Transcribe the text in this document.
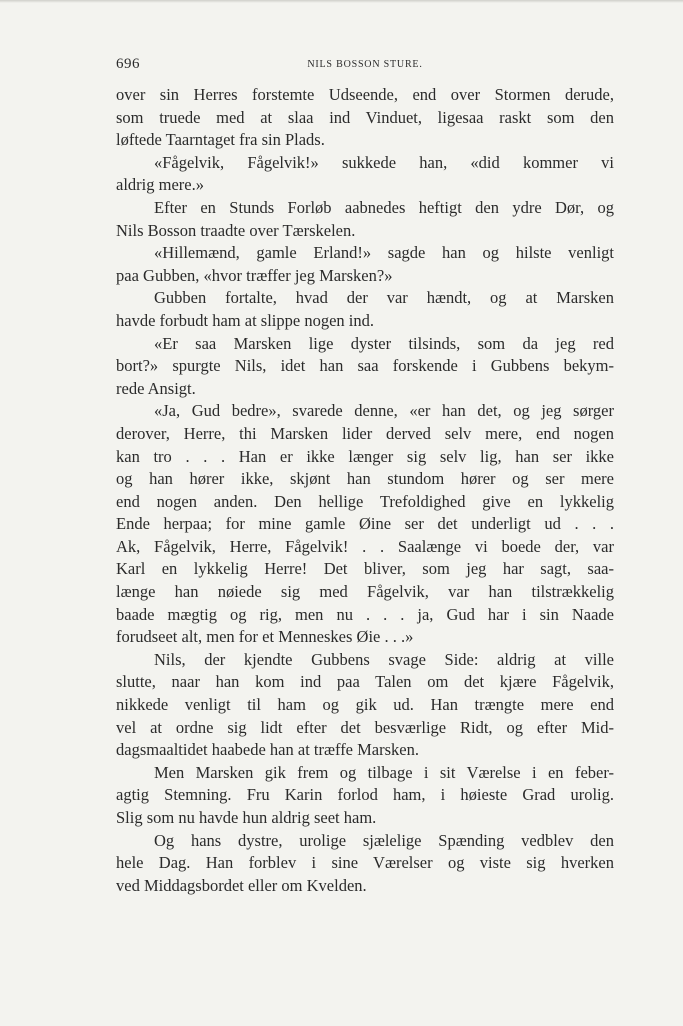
696	NILS BOSSON STURE.
over sin Herres forstemte Udseende, end over Stormen derude,
som truede med at slaa ind Vinduet, ligesaa raskt som den
løftede Taarntaget fra sin Plads.
«Fågelvik, Fågelvik!» sukkede han, «did kommer vi
aldrig mere.»
Efter en Stunds Forløb aabnedes heftigt den ydre Dør, og
Nils Bosson traadte over Tærskelen.
«Hillemænd, gamle Erland!» sagde han og hilste venligt
paa Gubben, «hvor træffer jeg Marsken?»
Gubben fortalte, hvad der var hændt, og at Marsken
havde forbudt ham at slippe nogen ind.
«Er saa Marsken lige dyster tilsinds, som da jeg red
bort?» spurgte Nils, idet han saa forskende i Gubbens bekym-
rede Ansigt.
«Ja, Gud bedre», svarede denne, «er han det, og jeg sørger
derover, Herre, thi Marsken lider derved selv mere, end nogen
kan tro . . . Han er ikke længer sig selv lig, han ser ikke
og han hører ikke, skjønt han stundom hører og ser mere
end nogen anden. Den hellige Trefoldighed give en lykkelig
Ende herpaa; for mine gamle Øine ser det underligt ud . . .
Ak, Fågelvik, Herre, Fågelvik! . . Saalænge vi boede der, var
Karl en lykkelig Herre! Det bliver, som jeg har sagt, saa-
længe han nøiede sig med Fågelvik, var han tilstrækkelig
baade mægtig og rig, men nu . . . ja, Gud har i sin Naade
forudseet alt, men for et Menneskes Øie . . .»
Nils, der kjendte Gubbens svage Side: aldrig at ville
slutte, naar han kom ind paa Talen om det kjære Fågelvik,
nikkede venligt til ham og gik ud. Han trængte mere end
vel at ordne sig lidt efter det besværlige Ridt, og efter Mid-
dagsmaaltidet haabede han at træffe Marsken.
Men Marsken gik frem og tilbage i sit Værelse i en feber-
agtig Stemning. Fru Karin forlod ham, i høieste Grad urolig.
Slig som nu havde hun aldrig seet ham.
Og hans dystre, urolige sjælelige Spænding vedblev den
hele Dag. Han forblev i sine Værelser og viste sig hverken
ved Middagsbordet eller om Kvelden.
